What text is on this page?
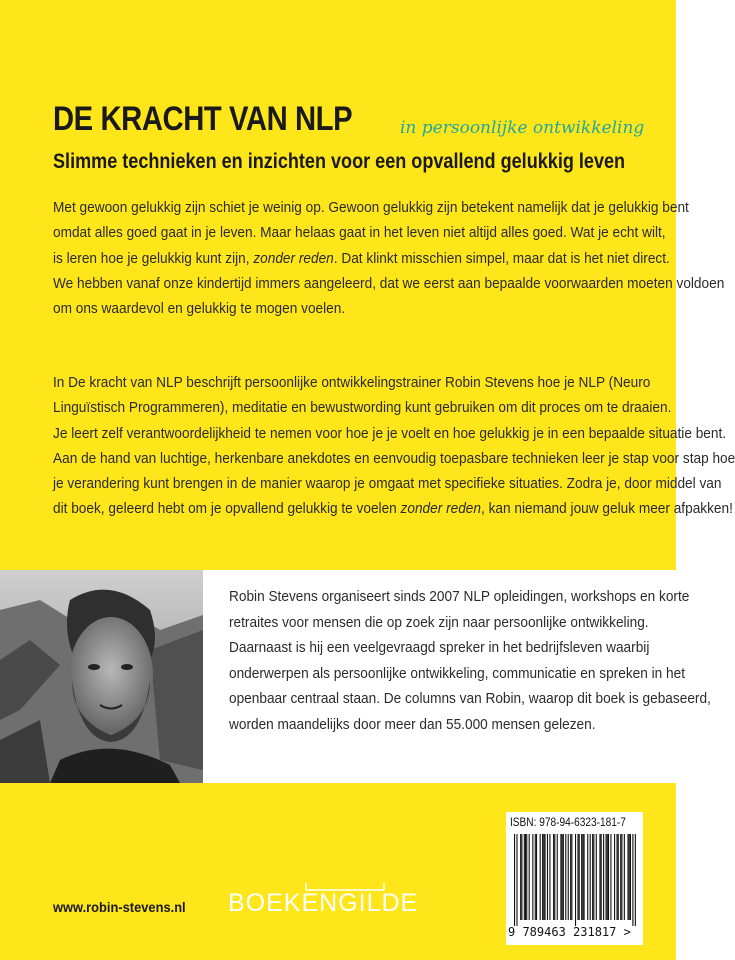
DE KRACHT VAN NLP	in persoonlijke ontwikkeling
Slimme technieken en inzichten voor een opvallend gelukkig leven
Met gewoon gelukkig zijn schiet je weinig op. Gewoon gelukkig zijn betekent namelijk dat je gelukkig bent
omdat alles goed gaat in je leven. Maar helaas gaat in het leven niet altijd alles goed. Wat je echt wilt,
is leren hoe je gelukkig kunt zijn, zonder reden. Dat klinkt misschien simpel, maar dat is het niet direct.
We hebben vanaf onze kindertijd immers aangeleerd, dat we eerst aan bepaalde voorwaarden moeten voldoen
om ons waardevol en gelukkig te mogen voelen.
In De kracht van NLP beschrijft persoonlijke ontwikkelingstrainer Robin Stevens hoe je NLP (Neuro
Linguïstisch Programmeren), meditatie en bewustwording kunt gebruiken om dit proces om te draaien.
Je leert zelf verantwoordelijkheid te nemen voor hoe je je voelt en hoe gelukkig je in een bepaalde situatie bent.
Aan de hand van luchtige, herkenbare anekdotes en eenvoudig toepasbare technieken leer je stap voor stap hoe
je verandering kunt brengen in de manier waarop je omgaat met specifieke situaties. Zodra je, door middel van
dit boek, geleerd hebt om je opvallend gelukkig te voelen zonder reden, kan niemand jouw geluk meer afpakken!
Robin Stevens organiseert sinds 2007 NLP opleidingen, workshops en korte
retraites voor mensen die op zoek zijn naar persoonlijke ontwikkeling.
Daarnaast is hij een veelgevraagd spreker in het bedrijfsleven waarbij
onderwerpen als persoonlijke ontwikkeling, communicatie en spreken in het
openbaar centraal staan. De columns van Robin, waarop dit boek is gebaseerd,
worden maandelijks door meer dan 55.000 mensen gelezen.
www.robin-stevens.nl BOEKENGILDE
ISBN: 978-94-6323-181-7
9 789463 231817 >
